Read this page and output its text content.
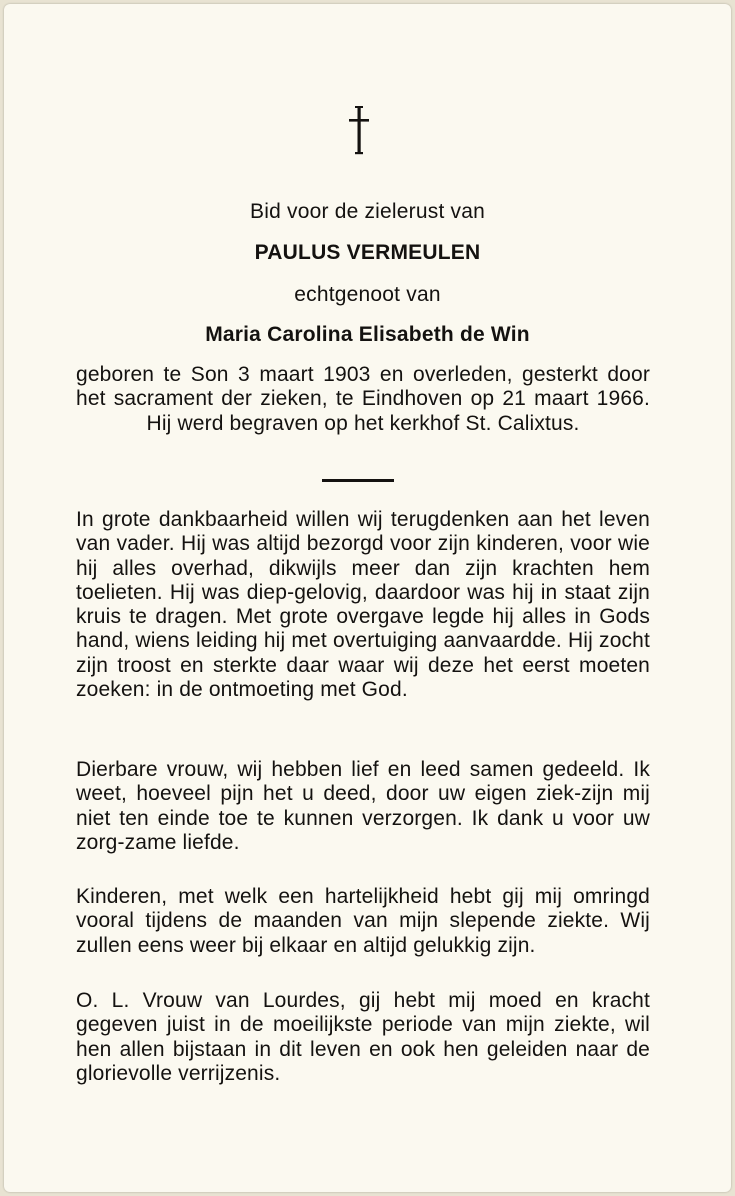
Bid voor de zielerust van
PAULUS VERMEULEN
echtgenoot van
Maria Carolina Elisabeth de Win
geboren te Son 3 maart 1903 en overleden, gesterkt door het sacrament der zieken, te Eindhoven op 21 maart 1966. Hij werd begraven op het kerkhof St. Calixtus.
In grote dankbaarheid willen wij terugdenken aan het leven van vader. Hij was altijd bezorgd voor zijn kinderen, voor wie hij alles overhad, dikwijls meer dan zijn krachten hem toelieten. Hij was diep-gelovig, daardoor was hij in staat zijn kruis te dragen. Met grote overgave legde hij alles in Gods hand, wiens leiding hij met overtuiging aanvaardde. Hij zocht zijn troost en sterkte daar waar wij deze het eerst moeten zoeken: in de ontmoeting met God.
Dierbare vrouw, wij hebben lief en leed samen gedeeld. Ik weet, hoeveel pijn het u deed, door uw eigen ziek-zijn mij niet ten einde toe te kunnen verzorgen. Ik dank u voor uw zorg-zame liefde.
Kinderen, met welk een hartelijkheid hebt gij mij omringd vooral tijdens de maanden van mijn slepende ziekte. Wij zullen eens weer bij elkaar en altijd gelukkig zijn.
O. L. Vrouw van Lourdes, gij hebt mij moed en kracht gegeven juist in de moeilijkste periode van mijn ziekte, wil hen allen bijstaan in dit leven en ook hen geleiden naar de glorievolle verrijzenis.
